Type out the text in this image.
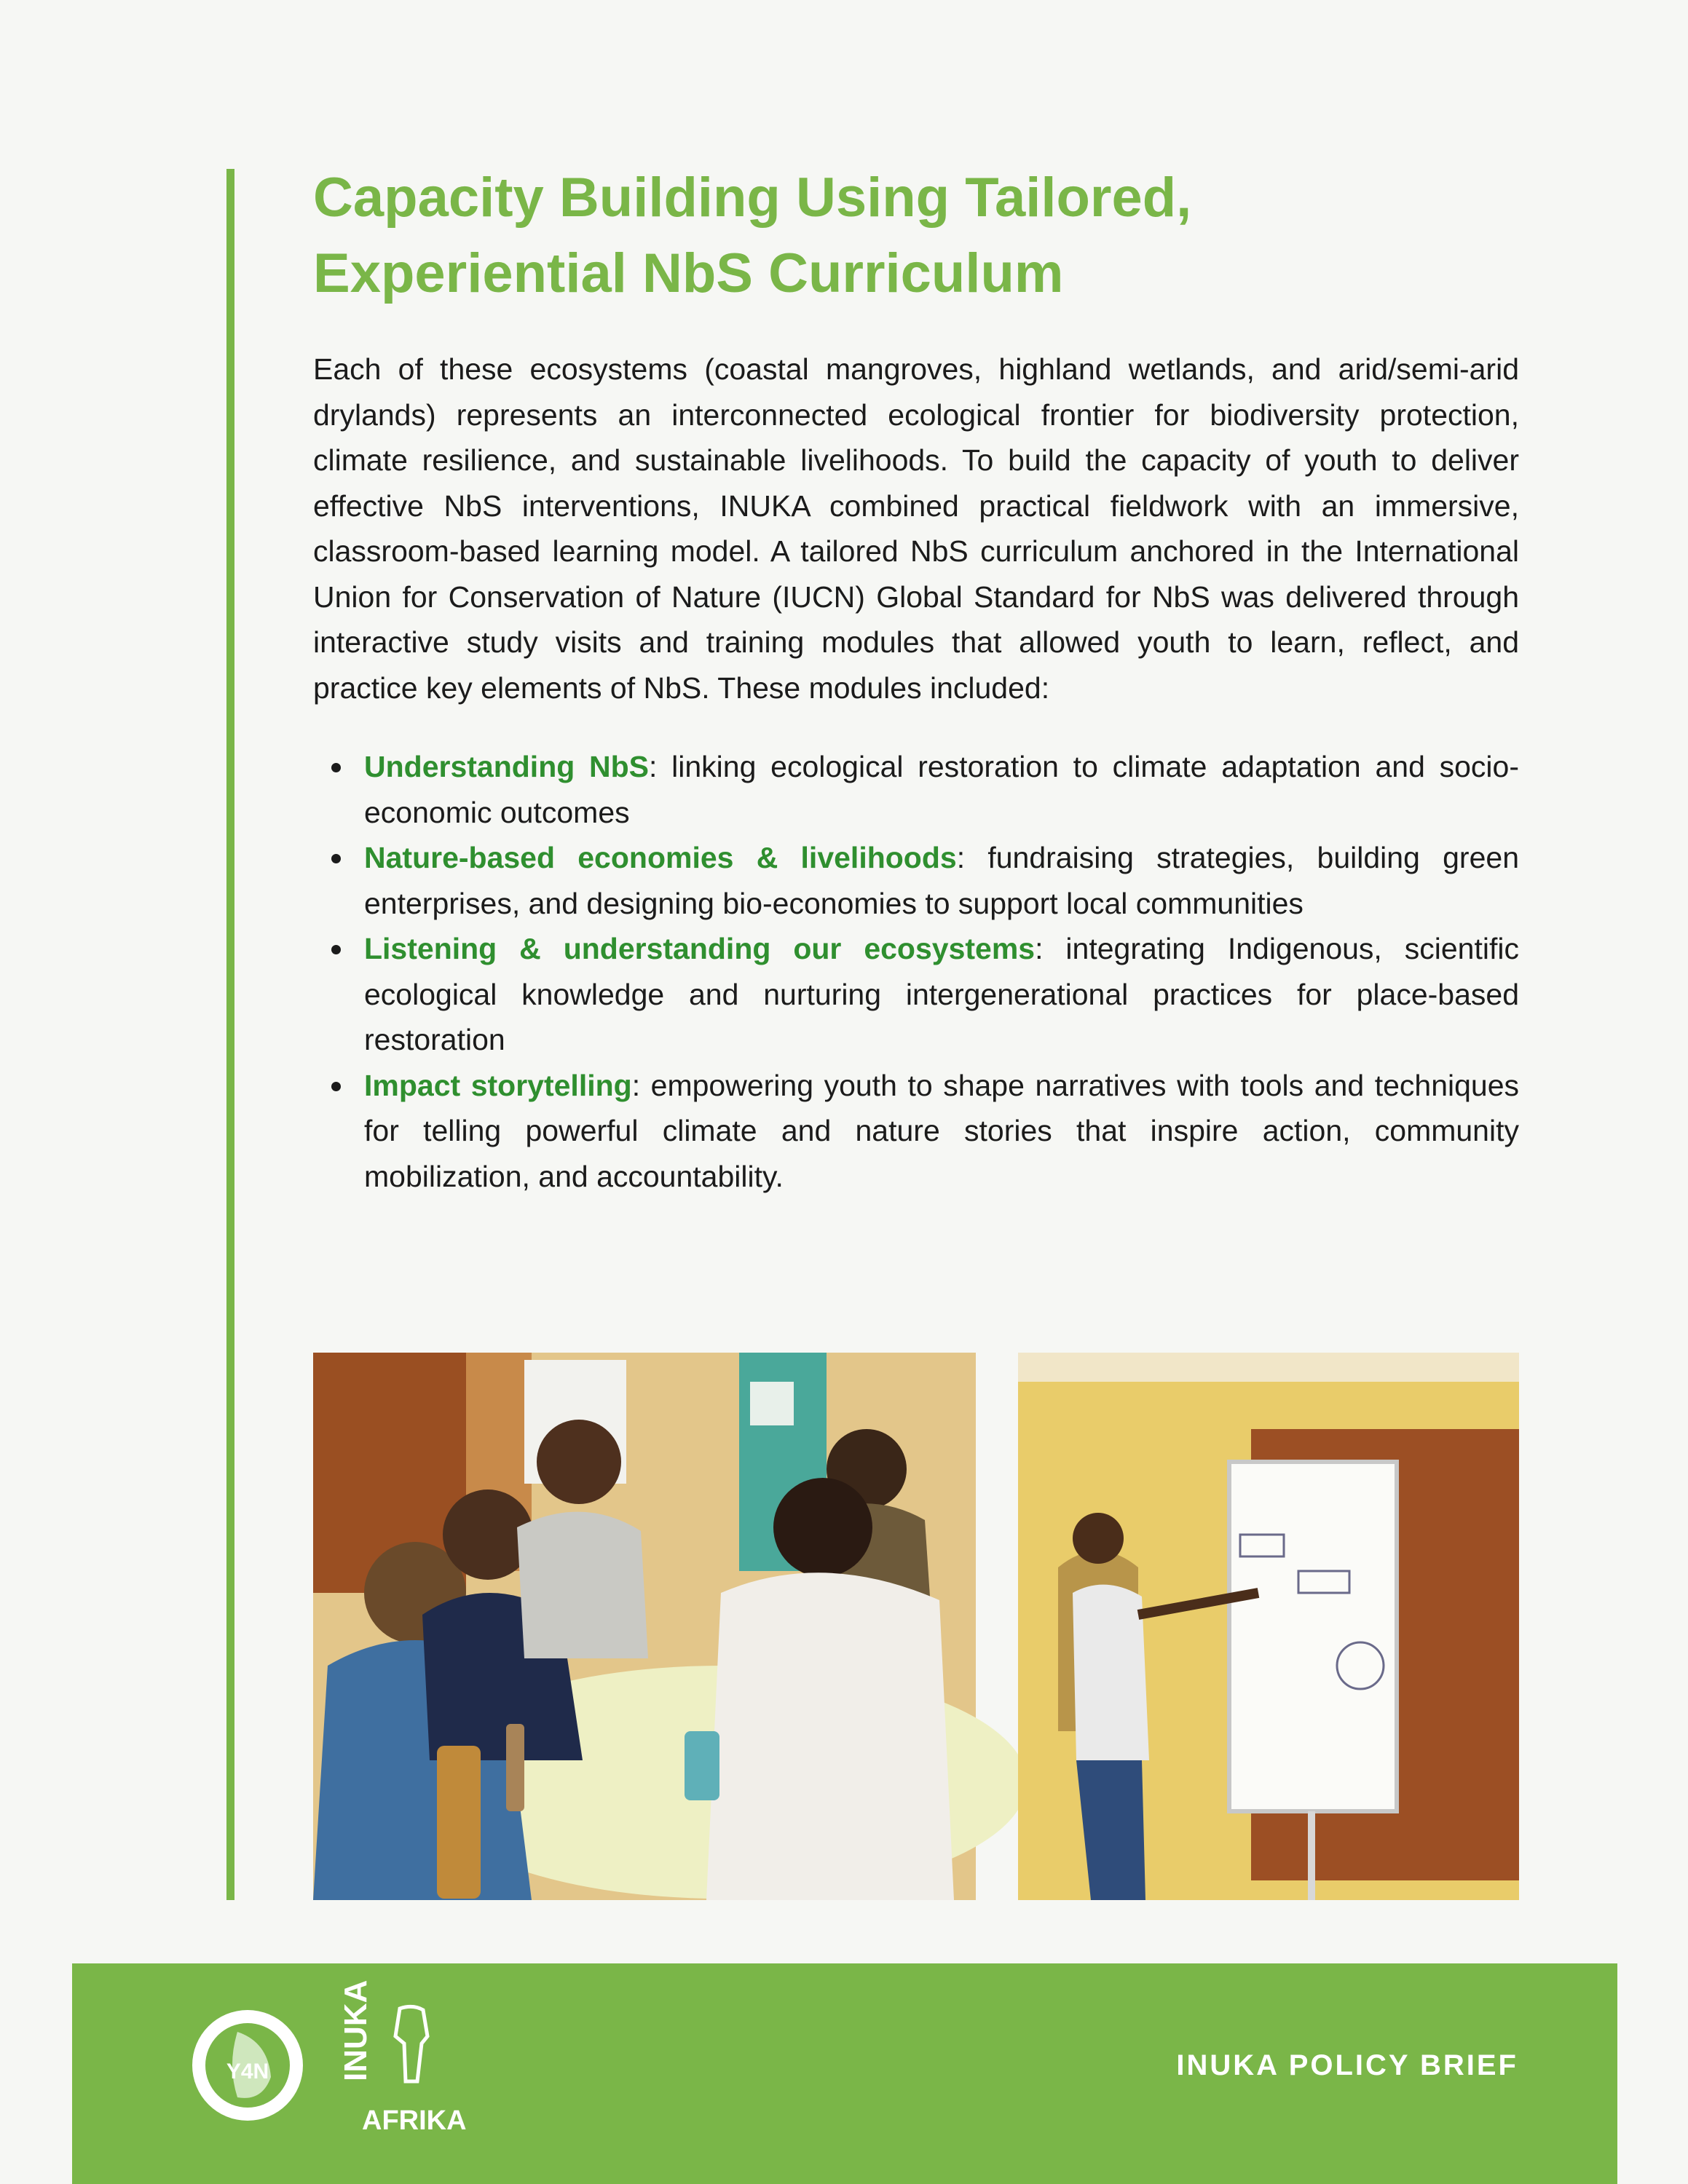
Capacity Building Using Tailored,
Experiential NbS Curriculum

Each of these ecosystems (coastal mangroves, highland wetlands, and arid/semi-arid drylands) represents an interconnected ecological frontier for biodiversity protection, climate resilience, and sustainable livelihoods. To build the capacity of youth to deliver effective NbS interventions, INUKA combined practical fieldwork with an immersive, classroom-based learning model. A tailored NbS curriculum anchored in the International Union for Conservation of Nature (IUCN) Global Standard for NbS was delivered through interactive study visits and training modules that allowed youth to learn, reflect, and practice key elements of NbS. These modules included:

Understanding NbS: linking ecological restoration to climate adaptation and socio-economic outcomes
Nature-based economies & livelihoods: fundraising strategies, building green enterprises, and designing bio-economies to support local communities
Listening & understanding our ecosystems: integrating Indigenous, scientific ecological knowledge and nurturing intergenerational practices for place-based restoration
Impact storytelling: empowering youth to shape narratives with tools and techniques for telling powerful climate and nature stories that inspire action, community mobilization, and accountability.
Y4N INUKA
AFRIKA
INUKA POLICY BRIEF
